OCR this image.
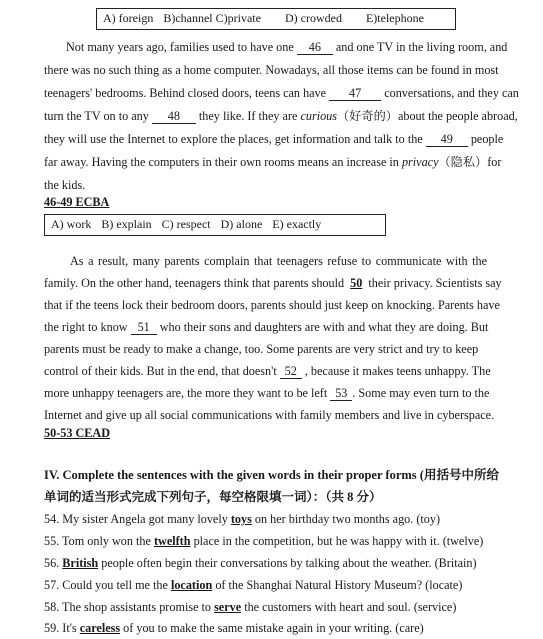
A) foreign B)channel C)private D) crowded E)telephone
Not many years ago, families used to have one 46 and one TV in the living room, and
there was no such thing as a home computer. Nowadays, all those items can be found in most
teenagers' bedrooms. Behind closed doors, teens can have 47 conversations, and they can
turn the TV on to any 48 they like. If they are curious（好奇的）about the people abroad,
they will use the Internet to explore the places, get information and talk to the 49 people
far away. Having the computers in their own rooms means an increase in privacy（隐私）for
the kids.
46-49 ECBA
A) work B) explain C) respect D) alone E) exactly
As a result, many parents complain that teenagers refuse to communicate with the
family. On the other hand, teenagers think that parents should 50 their privacy. Scientists say
that if the teens lock their bedroom doors, parents should just keep on knocking. Parents have
the right to know 51 who their sons and daughters are with and what they are doing. But
parents must be ready to make a change, too. Some parents are very strict and try to keep
control of their kids. But in the end, that doesn't 52 , because it makes teens unhappy. The
more unhappy teenagers are, the more they want to be left 53 . Some may even turn to the
Internet and give up all social communications with family members and live in cyberspace.
50-53 CEAD
IV. Complete the sentences with the given words in their proper forms (用括号中所给
单词的适当形式完成下列句子，每空格限填一词）：（共 8 分）
54. My sister Angela got many lovely toys on her birthday two months ago. (toy)
55. Tom only won the twelfth place in the competition, but he was happy with it. (twelve)
56. British people often begin their conversations by talking about the weather. (Britain)
57. Could you tell me the location of the Shanghai Natural History Museum? (locate)
58. The shop assistants promise to serve the customers with heart and soul. (service)
59. It's careless of you to make the same mistake again in your writing. (care)
